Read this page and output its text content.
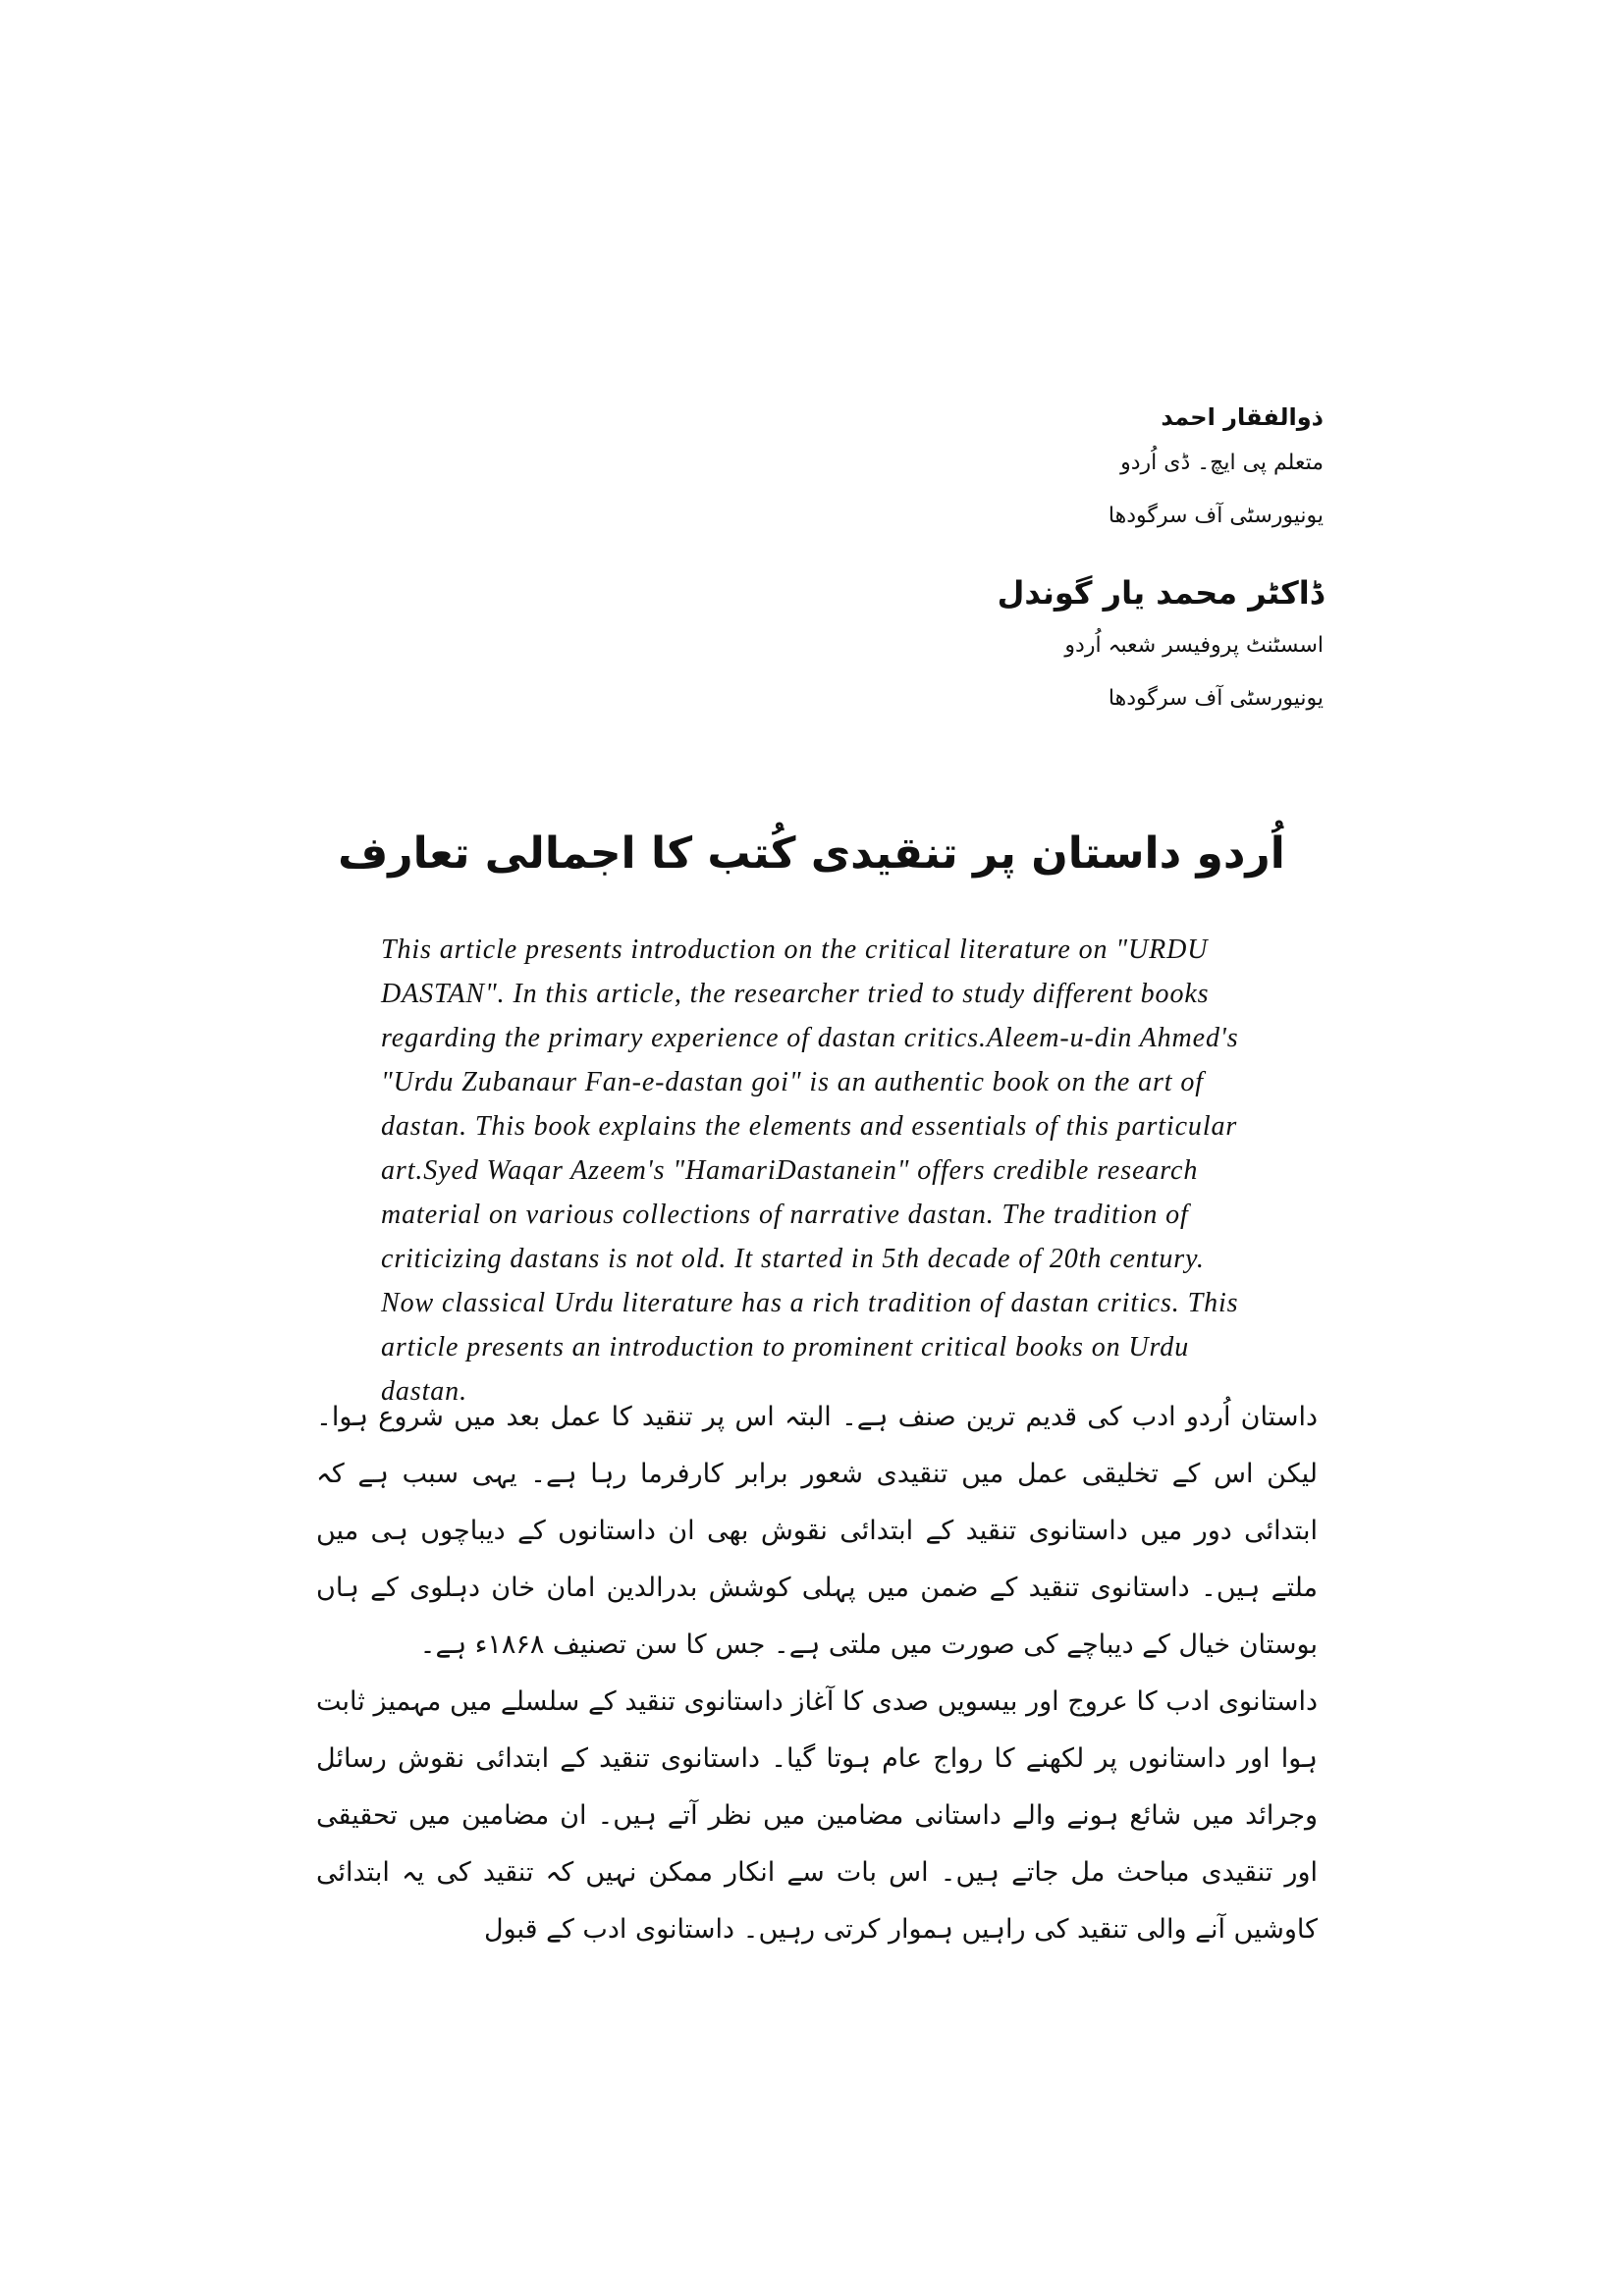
ذوالفقار احمد

متعلم پی ایچ۔ ڈی اُردو

یونیورسٹی آف سرگودھا

ڈاکٹر محمد یار گوندل

اسسٹنٹ پروفیسر شعبہ اُردو

یونیورسٹی آف سرگودھا

اُردو داستان پر تنقیدی کُتب کا اجمالی تعارف

This article presents introduction on the critical literature on "URDU DASTAN". In this article, the researcher tried to study different books regarding the primary experience of dastan critics.Aleem-u-din Ahmed's "Urdu Zubanaur Fan-e-dastan goi" is an authentic book on the art of dastan. This book explains the elements and essentials of this particular art.Syed Waqar Azeem's "HamariDastanein" offers credible research material on various collections of narrative dastan. The tradition of criticizing dastans is not old. It started in 5th decade of 20th century. Now classical Urdu literature has a rich tradition of dastan critics. This article presents an introduction to prominent critical books on Urdu dastan.

داستان اُردو ادب کی قدیم ترین صنف ہے۔ البتہ اس پر تنقید کا عمل بعد میں شروع ہوا۔ لیکن اس کے تخلیقی عمل میں تنقیدی شعور برابر کارفرما رہا ہے۔ یہی سبب ہے کہ ابتدائی دور میں داستانوی تنقید کے ابتدائی نقوش بھی ان داستانوں کے دیباچوں ہی میں ملتے ہیں۔ داستانوی تنقید کے ضمن میں پہلی کوشش بدرالدین امان خان دہلوی کے ہاں بوستان خیال کے دیباچے کی صورت میں ملتی ہے۔ جس کا سن تصنیف ۱۸۶۸ء ہے۔

داستانوی ادب کا عروج اور بیسویں صدی کا آغاز داستانوی تنقید کے سلسلے میں مہمیز ثابت ہوا اور داستانوں پر لکھنے کا رواج عام ہوتا گیا۔ داستانوی تنقید کے ابتدائی نقوش رسائل وجرائد میں شائع ہونے والے داستانی مضامین میں نظر آتے ہیں۔ ان مضامین میں تحقیقی اور تنقیدی مباحث مل جاتے ہیں۔ اس بات سے انکار ممکن نہیں کہ تنقید کی یہ ابتدائی کاوشیں آنے والی تنقید کی راہیں ہموار کرتی رہیں۔ داستانوی ادب کے قبول
